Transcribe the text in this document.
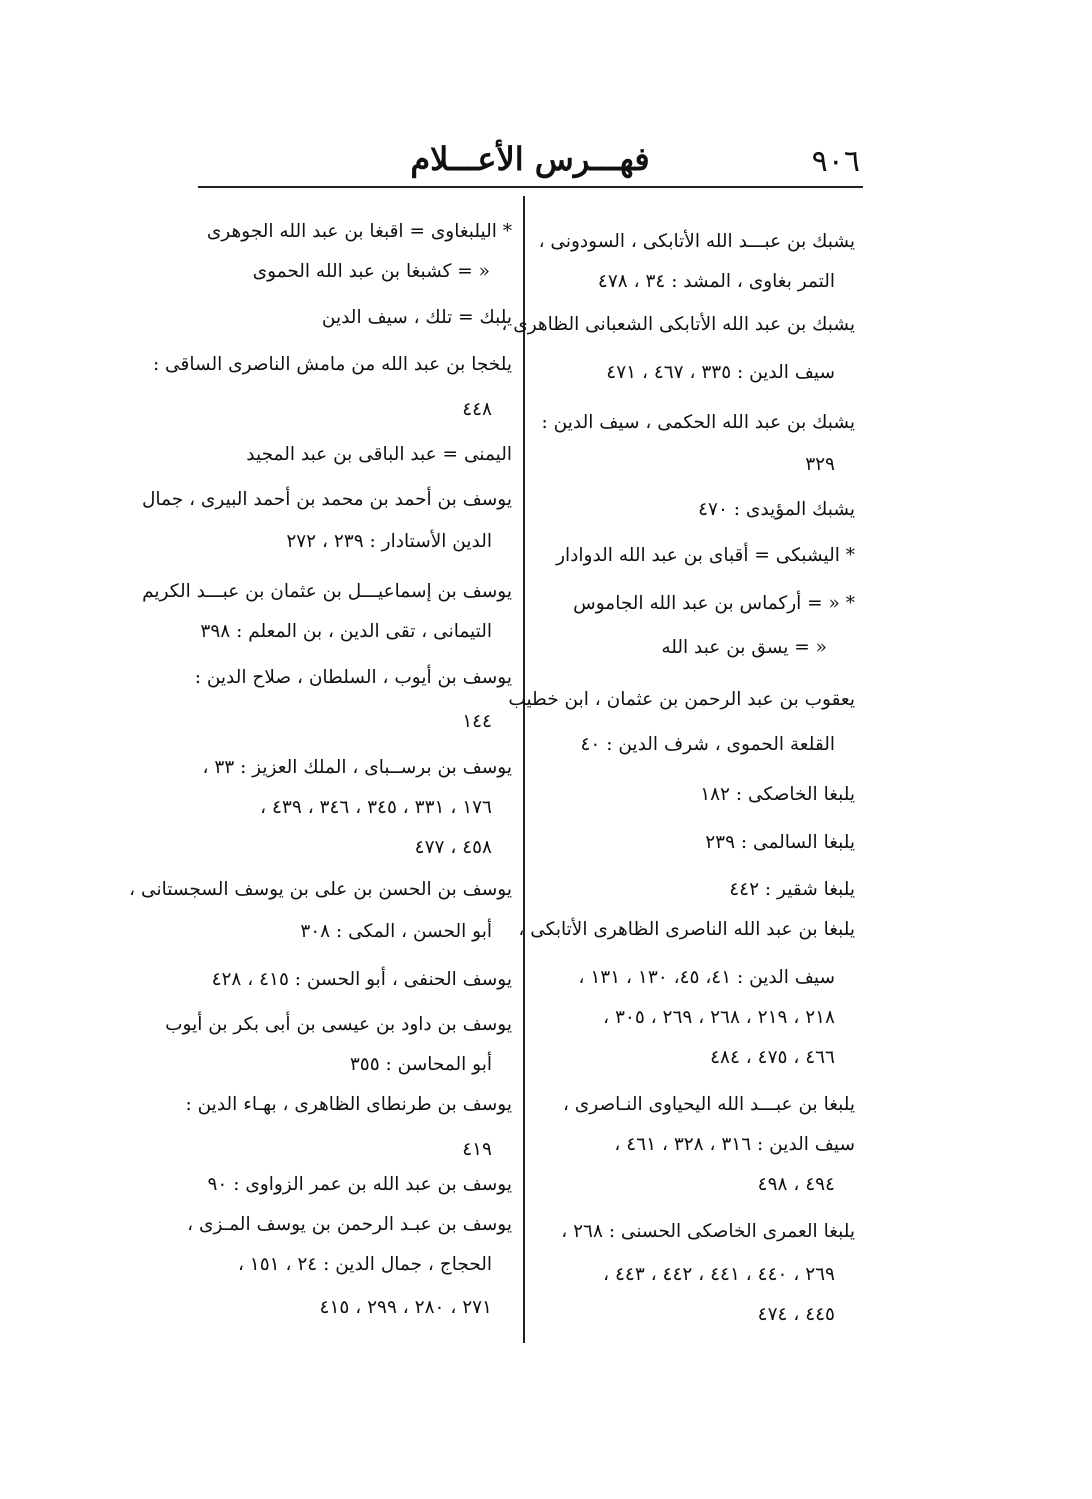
٩٠٦
فهـــرس الأعـــلام
يشبك بن عبـــد الله الأتابكى ، السودونى ،
التمر بغاوى ، المشد : ٣٤ ، ٤٧٨
يشبك بن عبد الله الأتابكى الشعبانى الظاهرى ،
سيف الدين : ٣٣٥ ، ٤٦٧ ، ٤٧١
يشبك بن عبد الله الحكمى ، سيف الدين :
٣٢٩
يشبك المؤيدى : ٤٧٠
* اليشبكى = أقباى بن عبد الله الدوادار
* « = أركماس بن عبد الله الجاموس
« = يسق بن عبد الله
يعقوب بن عبد الرحمن بن عثمان ، ابن خطيب
القلعة الحموى ، شرف الدين : ٤٠
يلبغا الخاصكى : ١٨٢
يلبغا السالمى : ٢٣٩
يلبغا شقير : ٤٤٢
يلبغا بن عبد الله الناصرى الظاهرى الأتابكى ،
سيف الدين : ٤١، ٤٥، ١٣٠ ، ١٣١ ،
٢١٨ ، ٢١٩ ، ٢٦٨ ، ٢٦٩ ، ٣٠٥ ،
٤٦٦ ، ٤٧٥ ، ٤٨٤
يلبغا بن عبـــد الله اليحياوى النـاصرى ،
سيف الدين : ٣١٦ ، ٣٢٨ ، ٤٦١ ،
٤٩٤ ، ٤٩٨
يلبغا العمرى الخاصكى الحسنى : ٢٦٨ ،
٢٦٩ ، ٤٤٠ ، ٤٤١ ، ٤٤٢ ، ٤٤٣ ،
٤٤٥ ، ٤٧٤
* اليلبغاوى = اقبغا بن عبد الله الجوهرى
« = كشبغا بن عبد الله الحموى
يلبك = تلك ، سيف الدين
يلخجا بن عبد الله من مامش الناصرى الساقى :
٤٤٨
اليمنى = عبد الباقى بن عبد المجيد
يوسف بن أحمد بن محمد بن أحمد البيرى ، جمال
الدين الأستادار : ٢٣٩ ، ٢٧٢
يوسف بن إسماعيـــل بن عثمان بن عبـــد الكريم
التيمانى ، تقى الدين ، بن المعلم : ٣٩٨
يوسف بن أيوب ، السلطان ، صلاح الدين :
١٤٤
يوسف بن برســباى ، الملك العزيز : ٣٣ ،
١٧٦ ، ٣٣١ ، ٣٤٥ ، ٣٤٦ ، ٤٣٩ ،
٤٥٨ ، ٤٧٧
يوسف بن الحسن بن على بن يوسف السجستانى ،
أبو الحسن ، المكى : ٣٠٨
يوسف الحنفى ، أبو الحسن : ٤١٥ ، ٤٢٨
يوسف بن داود بن عيسى بن أبى بكر بن أيوب
أبو المحاسن : ٣٥٥
يوسف بن طرنطاى الظاهرى ، بهـاء الدين :
٤١٩
يوسف بن عبد الله بن عمر الزواوى : ٩٠
يوسف بن عبـد الرحمن بن يوسف المـزى ،
الحجاج ، جمال الدين : ٢٤ ، ١٥١ ،
٢٧١ ، ٢٨٠ ، ٢٩٩ ، ٤١٥
